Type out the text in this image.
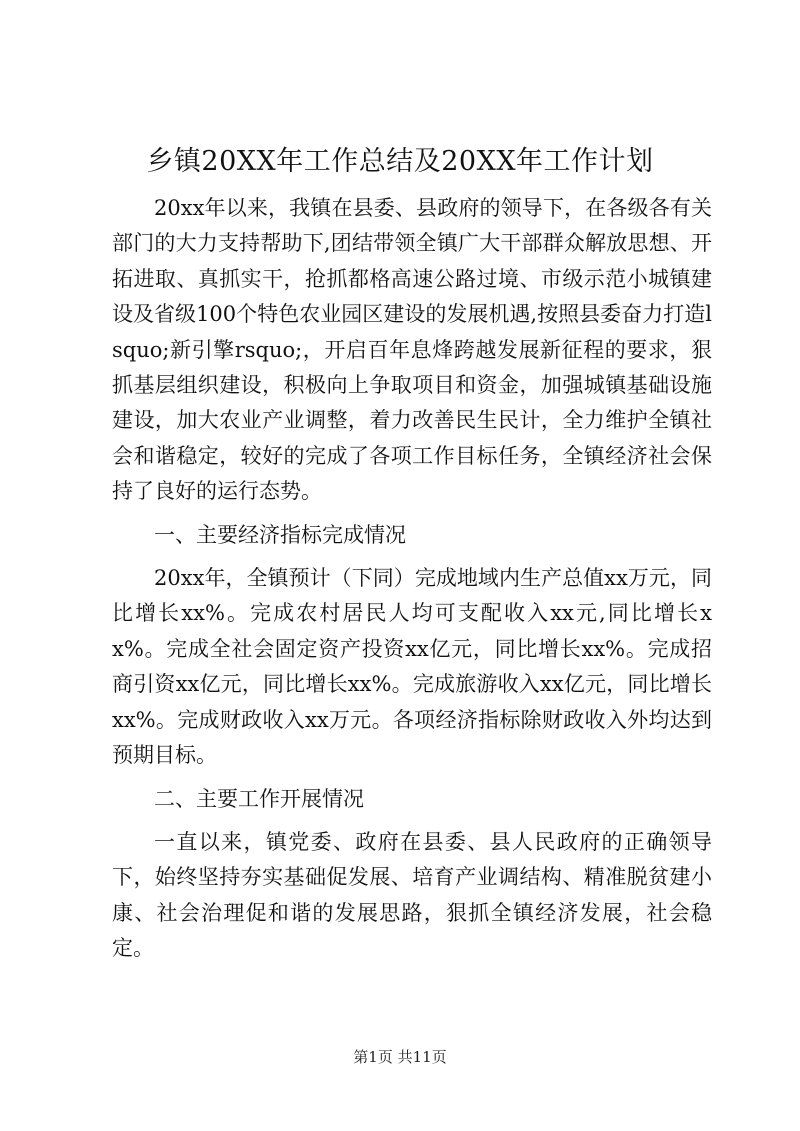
乡镇20XX年工作总结及20XX年工作计划

20xx年以来，我镇在县委、县政府的领导下，在各级各有关部门的大力支持帮助下,团结带领全镇广大干部群众解放思想、开拓进取、真抓实干，抢抓都格高速公路过境、市级示范小城镇建设及省级100个特色农业园区建设的发展机遇,按照县委奋力打造lsquo;新引擎rsquo;，开启百年息烽跨越发展新征程的要求，狠抓基层组织建设，积极向上争取项目和资金，加强城镇基础设施建设，加大农业产业调整，着力改善民生民计，全力维护全镇社会和谐稳定，较好的完成了各项工作目标任务，全镇经济社会保持了良好的运行态势。

一、主要经济指标完成情况

20xx年，全镇预计（下同）完成地域内生产总值xx万元，同比增长xx%。完成农村居民人均可支配收入xx元,同比增长xx%。完成全社会固定资产投资xx亿元，同比增长xx%。完成招商引资xx亿元，同比增长xx%。完成旅游收入xx亿元，同比增长xx%。完成财政收入xx万元。各项经济指标除财政收入外均达到预期目标。

二、主要工作开展情况

一直以来，镇党委、政府在县委、县人民政府的正确领导下，始终坚持夯实基础促发展、培育产业调结构、精准脱贫建小康、社会治理促和谐的发展思路，狠抓全镇经济发展，社会稳定。

第1页 共11页
